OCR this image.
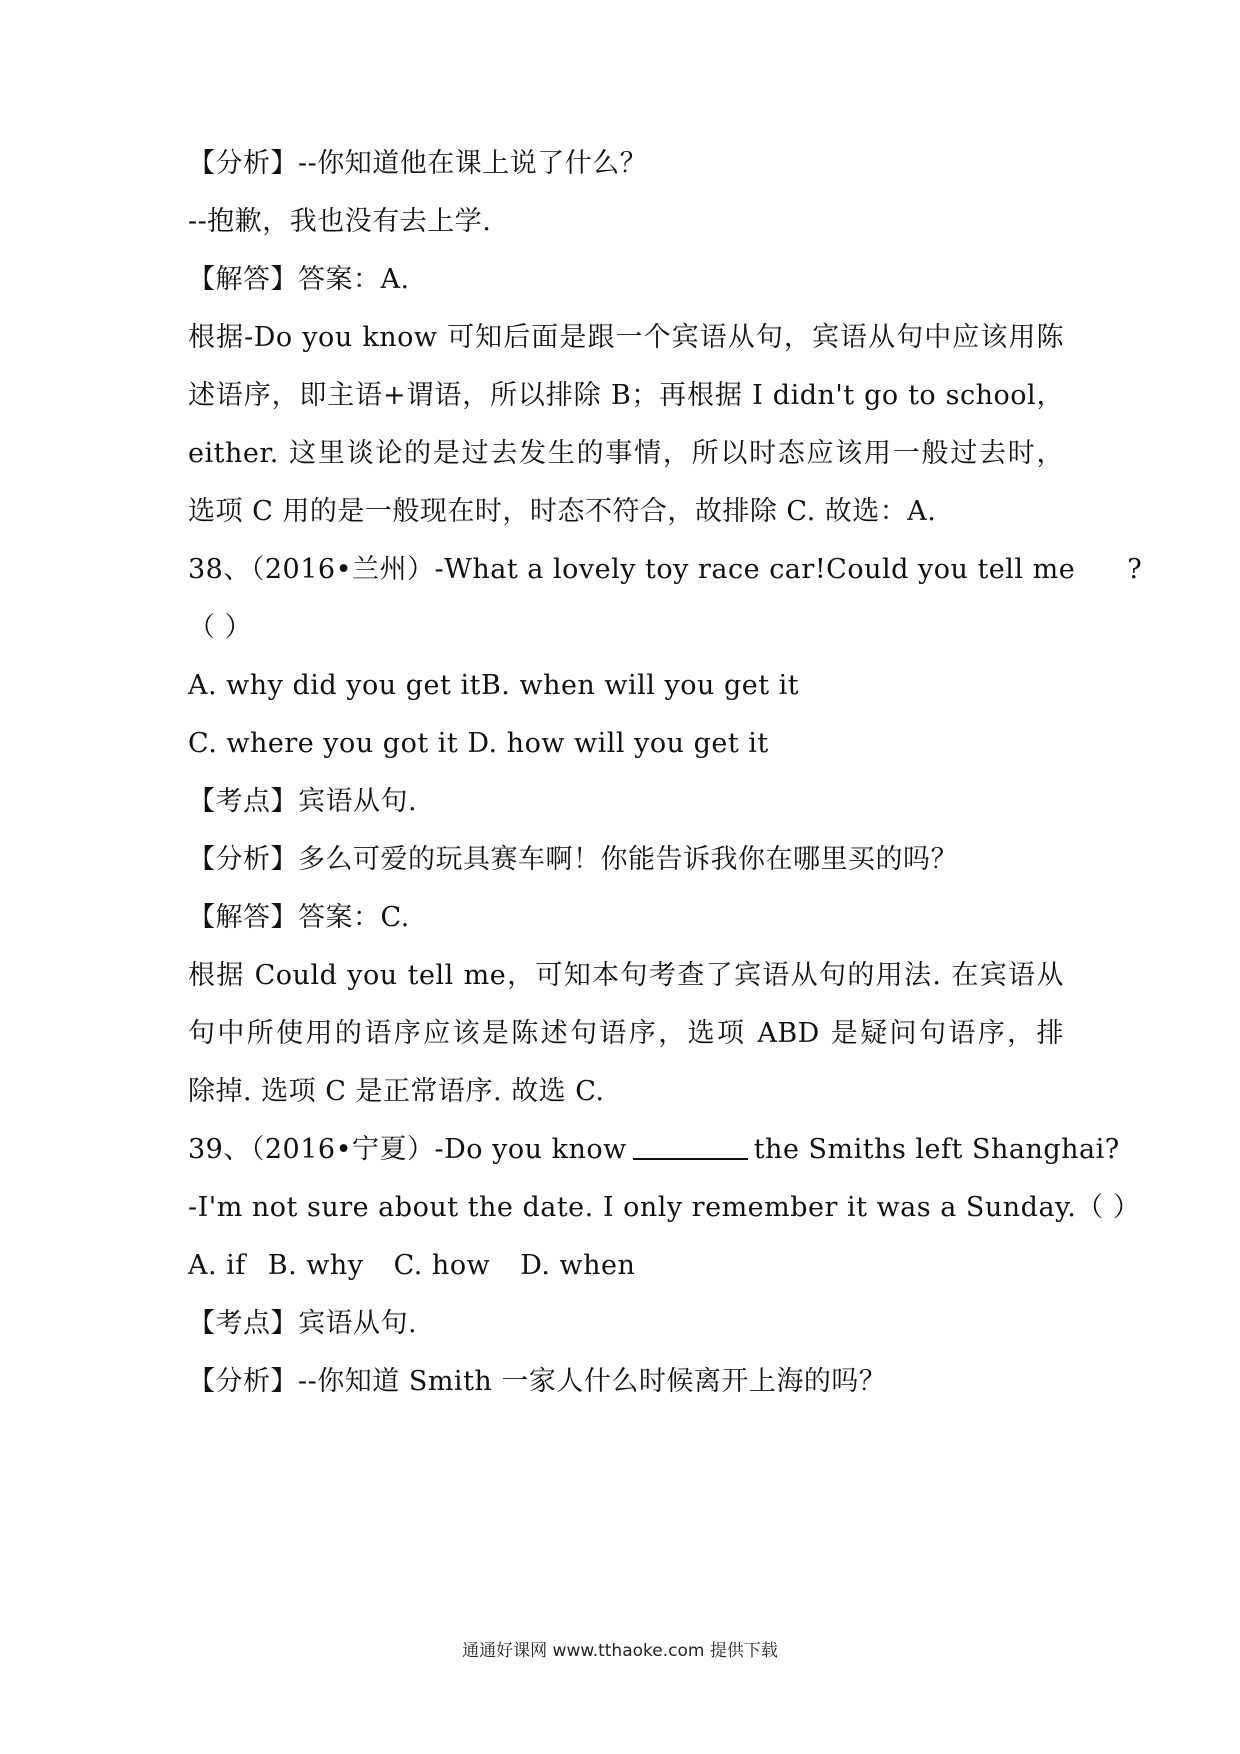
【分析】--你知道他在课上说了什么？
--抱歉，我也没有去上学.
【解答】答案：A.
根据-Do you know 可知后面是跟一个宾语从句，宾语从句中应该用陈
述语序，即主语+谓语，所以排除 B；再根据 I didn't go to school，
either. 这里谈论的是过去发生的事情，所以时态应该用一般过去时，
选项 C 用的是一般现在时，时态不符合，故排除 C. 故选：A.
38、（2016•兰州）-What a lovely toy race car!Could you tell me ?
（ ）
A. why did you get itB. when will you get it
C. where you got it D. how will you get it
【考点】宾语从句.
【分析】多么可爱的玩具赛车啊！你能告诉我你在哪里买的吗？
【解答】答案：C.
根据 Could you tell me，可知本句考查了宾语从句的用法. 在宾语从
句中所使用的语序应该是陈述句语序，选项 ABD 是疑问句语序，排
除掉. 选项 C 是正常语序. 故选 C.
39、（2016•宁夏）-Do you know	the Smiths left Shanghai?
-I'm not sure about the date. I only remember it was a Sunday.（ ）
A. if B. why C. how D. when
【考点】宾语从句.
【分析】--你知道 Smith 一家人什么时候离开上海的吗？
通通好课网 www.tthaoke.com 提供下载
